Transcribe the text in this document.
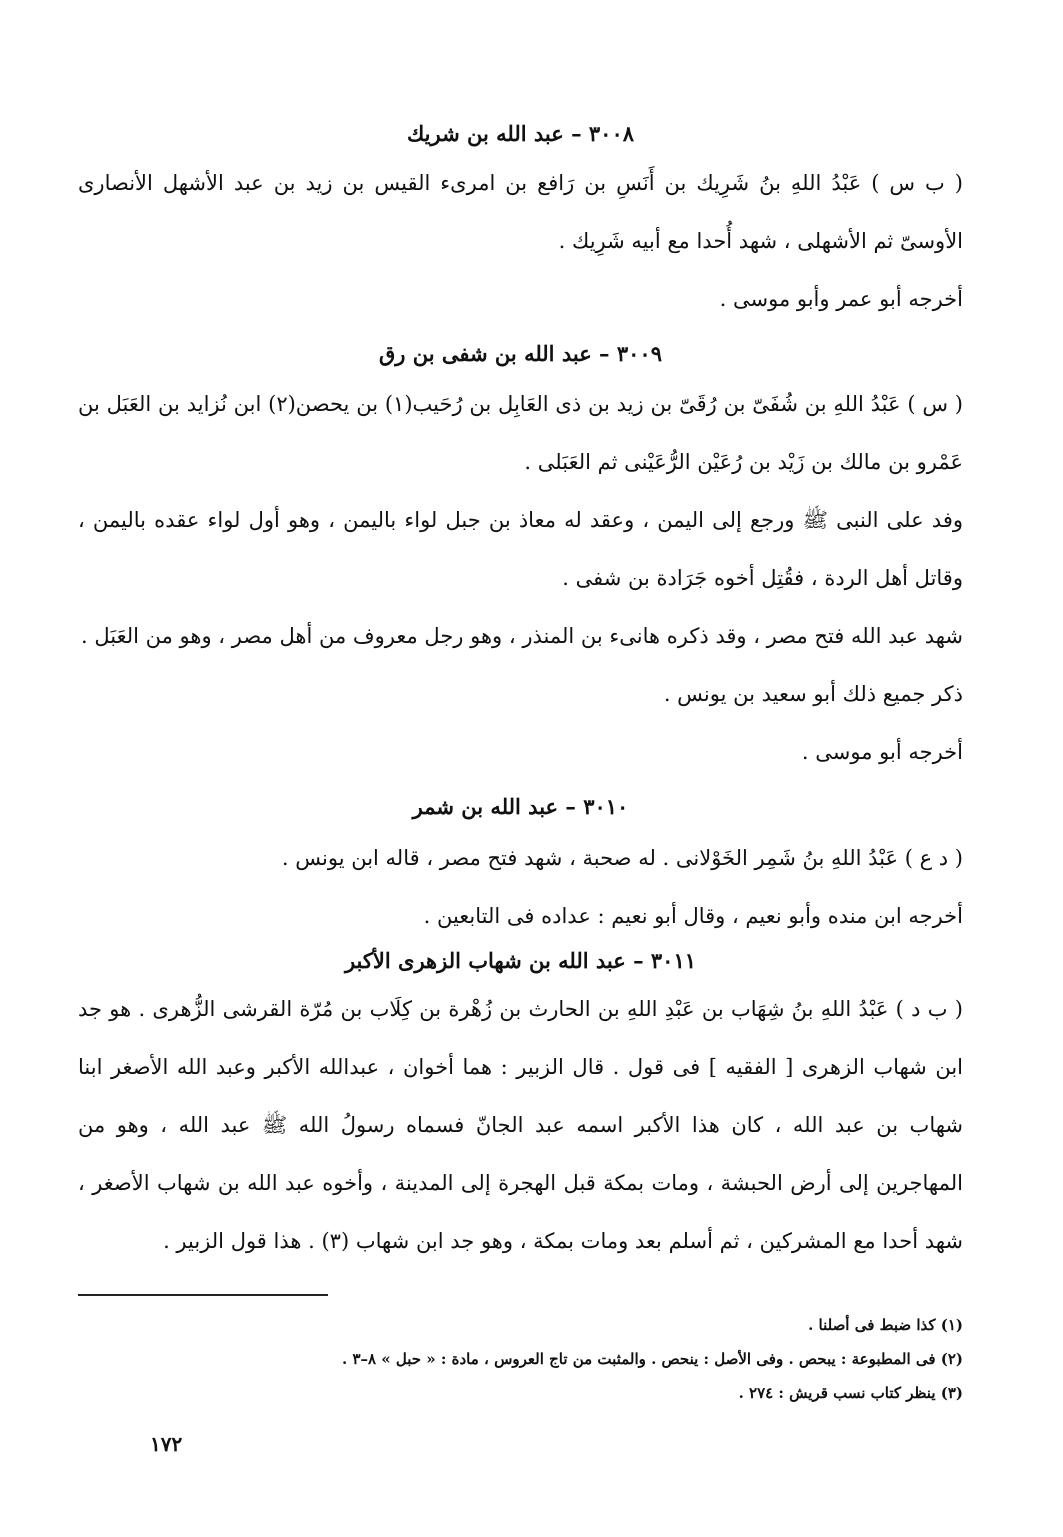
٣٠٠٨ – عبد الله بن شريك

( ب س ) عَبْدُ اللهِ بنُ شَرِيك بن أَنَسِ بن رَافع بن امرىء القيس بن زيد بن عبد الأشهل الأنصارى الأوسىّ ثم الأشهلى ، شهد أُحدا مع أبيه شَرِيك .

أخرجه أبو عمر وأبو موسى .

٣٠٠٩ – عبد الله بن شفى بن رق

( س ) عَبْدُ اللهِ بن شُفَىّ بن رُقَىّ بن زيد بن ذى العَابِل بن رُحَيب(١) بن يحصن(٢) ابن نُزايد بن العَبَل بن عَمْرو بن مالك بن زَيْد بن رُعَيْن الرُّعَيْنى ثم العَبَلى .

وفد على النبى ﷺ ورجع إلى اليمن ، وعقد له معاذ بن جبل لواء باليمن ، وهو أول لواء عقده باليمن ، وقاتل أهل الردة ، فقُتِل أخوه جَرَادة بن شفى .

شهد عبد الله فتح مصر ، وقد ذكره هانىء بن المنذر ، وهو رجل معروف من أهل مصر ، وهو من العَبَل .

ذكر جميع ذلك أبو سعيد بن يونس .

أخرجه أبو موسى .

٣٠١٠ – عبد الله بن شمر

( د ع ) عَبْدُ اللهِ بنُ شَمِر الخَوْلانى . له صحبة ، شهد فتح مصر ، قاله ابن يونس .

أخرجه ابن منده وأبو نعيم ، وقال أبو نعيم : عداده فى التابعين .

٣٠١١ – عبد الله بن شهاب الزهرى الأكبر

( ب د ) عَبْدُ اللهِ بنُ شِهَاب بن عَبْدِ اللهِ بن الحارث بن زُهْرة بن كِلَاب بن مُرّة القرشى الزُّهرى . هو جد ابن شهاب الزهرى [ الفقيه ] فى قول . قال الزبير : هما أخوان ، عبدالله الأكبر وعبد الله الأصغر ابنا شهاب بن عبد الله ، كان هذا الأكبر اسمه عبد الجانّ فسماه رسولُ الله ﷺ عبد الله ، وهو من المهاجرين إلى أرض الحبشة ، ومات بمكة قبل الهجرة إلى المدينة ، وأخوه عبد الله بن شهاب الأصغر ، شهد أحدا مع المشركين ، ثم أسلم بعد ومات بمكة ، وهو جد ابن شهاب (٣) . هذا قول الزبير .

(١) كذا ضبط فى أصلنا .

(٢) فى المطبوعة : يبحص . وفى الأصل : ينحص . والمثبت من تاج العروس ، مادة : « حبل » ٨–٣ .

(٣) ينظر كتاب نسب قريش : ٢٧٤ .

١٧٢
